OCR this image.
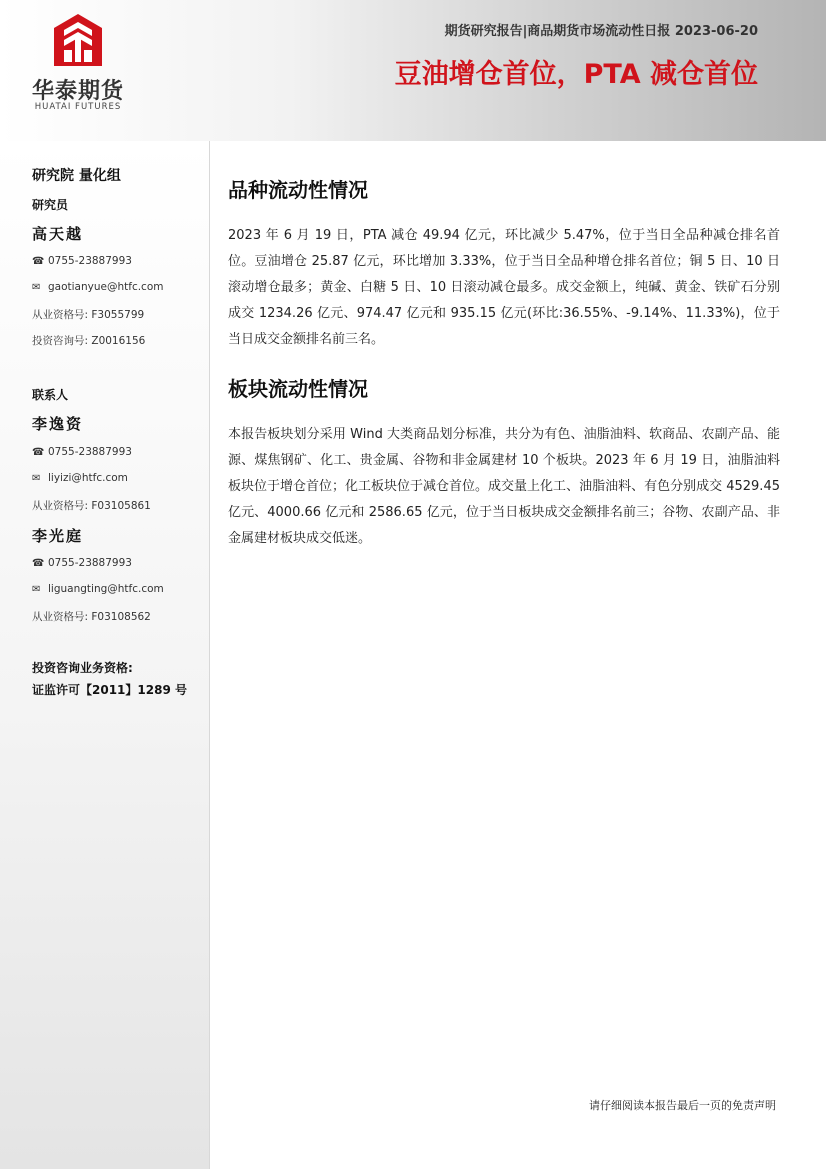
华泰期货
HUATAI FUTURES
期货研究报告|商品期货市场流动性日报 2023-06-20
豆油增仓首位，PTA 减仓首位
研究院 量化组
研究员
高天越
☎ 0755-23887993
✉ gaotianyue@htfc.com
从业资格号: F3055799
投资咨询号: Z0016156
联系人
李逸资
☎ 0755-23887993
✉ liyizi@htfc.com
从业资格号: F03105861
李光庭
☎ 0755-23887993
✉ liguangting@htfc.com
从业资格号: F03108562
投资咨询业务资格:
证监许可【2011】1289 号
品种流动性情况

2023 年 6 月 19 日，PTA 减仓 49.94 亿元，环比减少 5.47%，位于当日全品种减仓排名首位。豆油增仓 25.87 亿元，环比增加 3.33%，位于当日全品种增仓排名首位；铜 5 日、10 日滚动增仓最多；黄金、白糖 5 日、10 日滚动减仓最多。成交金额上，纯碱、黄金、铁矿石分别成交 1234.26 亿元、974.47 亿元和 935.15 亿元(环比:36.55%、-9.14%、11.33%)，位于当日成交金额排名前三名。

板块流动性情况

本报告板块划分采用 Wind 大类商品划分标准，共分为有色、油脂油料、软商品、农副产品、能源、煤焦钢矿、化工、贵金属、谷物和非金属建材 10 个板块。2023 年 6 月 19 日，油脂油料板块位于增仓首位；化工板块位于减仓首位。成交量上化工、油脂油料、有色分别成交 4529.45 亿元、4000.66 亿元和 2586.65 亿元，位于当日板块成交金额排名前三；谷物、农副产品、非金属建材板块成交低迷。

请仔细阅读本报告最后一页的免责声明
